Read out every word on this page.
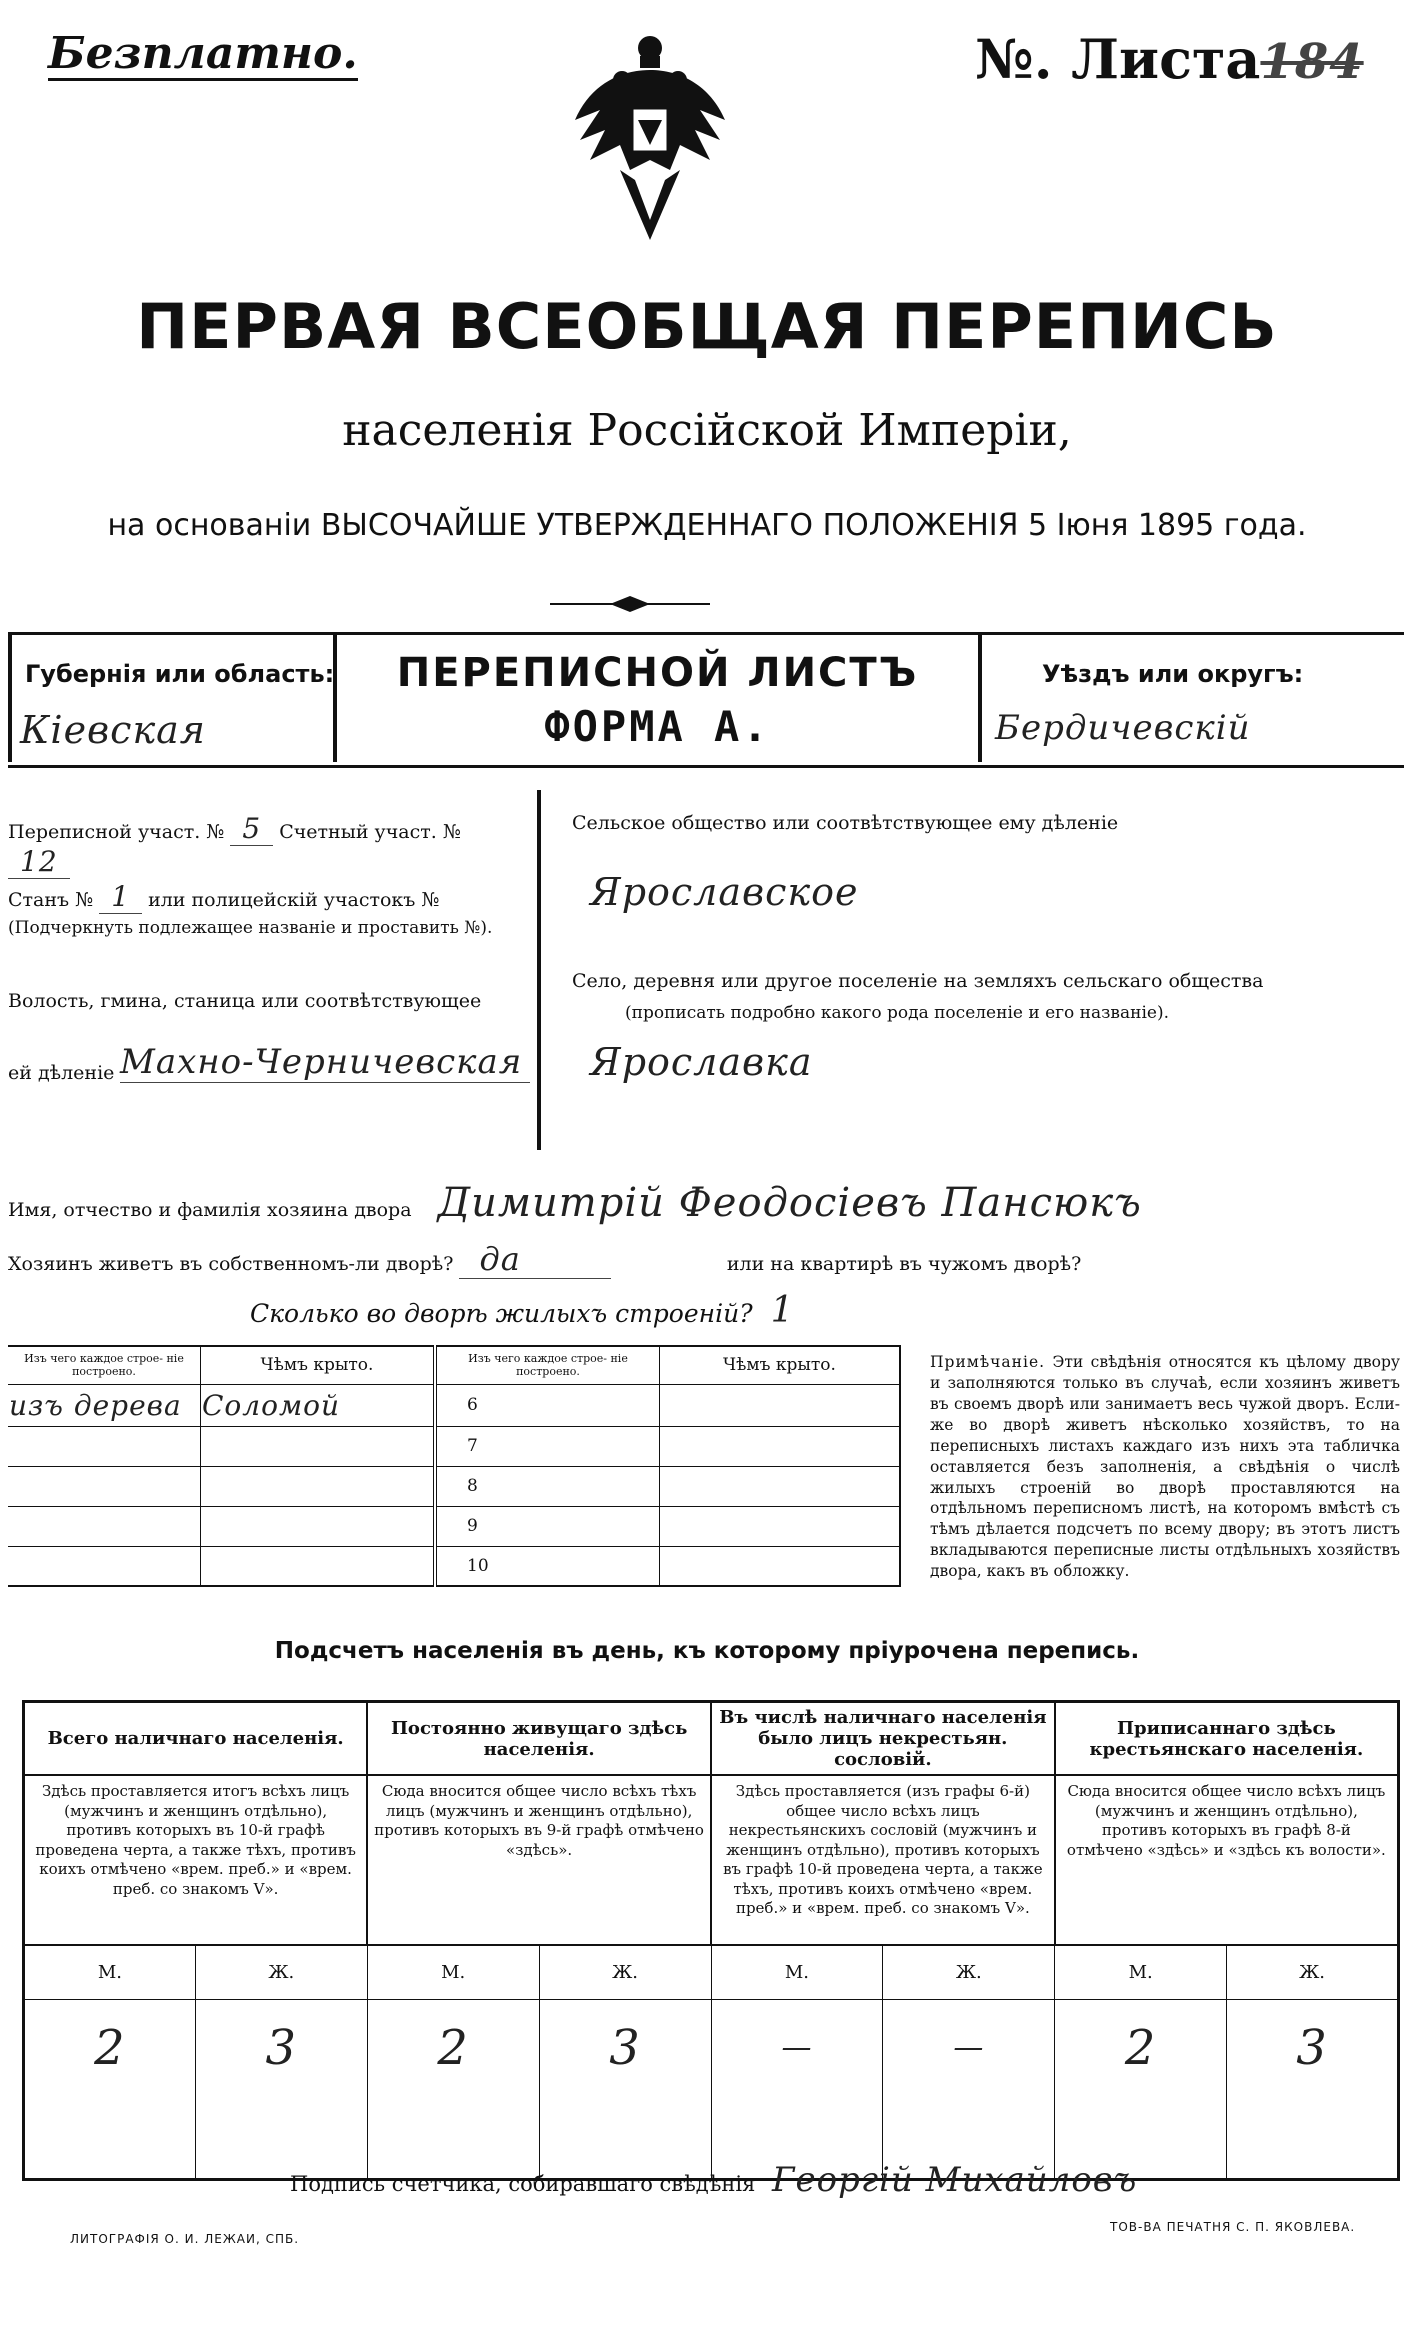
Безплатно.	№. Листа184
ПЕРВАЯ ВСЕОБЩАЯ ПЕРЕПИСЬ
населенія Россійской Имперіи,
на основаніи ВЫСОЧАЙШЕ УТВЕРЖДЕННАГО ПОЛОЖЕНІЯ 5 Іюня 1895 года.
Губернія или область:
Кіевская
ПЕРЕПИСНОЙ ЛИСТЪ
ФОРМА А.
Уѣздъ или округъ:
Бердичевскій
Переписной участ. № 5 Счетный участ. № 12
Станъ № 1 или полицейскій участокъ №
(Подчеркнуть подлежащее названіе и проставить №).
Волость, гмина, станица или соотвѣтствующее
ей дѣленіе Махно-Черничевская
Сельское общество или соотвѣтствующее ему дѣленіе
Ярославское
Село, деревня или другое поселеніе на земляхъ сельскаго общества
(прописать подробно какого рода поселеніе и его названіе).
Ярославка
Имя, отчество и фамилія хозяина двора Димитрій Феодосіевъ Пансюкъ
Хозяинъ живетъ въ собственномъ-ли дворѣ? да	или на квартирѣ въ чужомъ дворѣ?
Сколько во дворѣ жилыхъ строеній? 1
Изъ чего каждое строе- ніе построено.	Чѣмъ крыто.
изъ дерева	Соломой

Изъ чего каждое строе- ніе построено.	Чѣмъ крыто.
6	
7	
8	
9	
10	
Примѣчаніе. Эти свѣдѣнія относятся къ цѣлому двору и заполняются только въ случаѣ, если хозяинъ живетъ въ своемъ дворѣ или занимаетъ весь чужой дворъ. Если-же во дворѣ живетъ нѣсколько хозяйствъ, то на переписныхъ листахъ каждаго изъ нихъ эта табличка оставляется безъ заполненія, а свѣдѣнія о числѣ жилыхъ строеній во дворѣ проставляются на отдѣльномъ переписномъ листѣ, на которомъ вмѣстѣ съ тѣмъ дѣлается подсчетъ по всему двору; въ этотъ листъ вкладываются переписные листы отдѣльныхъ хозяйствъ двора, какъ въ обложку.
Подсчетъ населенія въ день, къ которому пріурочена перепись.
Всего наличнаго населенія.		Постоянно живущаго здѣсь населенія.		Въ числѣ наличнаго населенія было лицъ некрестьян. сословій.		Приписаннаго здѣсь крестьянскаго населенія.	
Здѣсь проставляется итогъ всѣхъ лицъ (мужчинъ и женщинъ отдѣльно), противъ которыхъ въ 10-й графѣ проведена черта, а также тѣхъ, противъ коихъ отмѣчено «врем. преб.» и «врем. преб. со знакомъ V».		Сюда вносится общее число всѣхъ тѣхъ лицъ (мужчинъ и женщинъ отдѣльно), противъ которыхъ въ 9-й графѣ отмѣчено «здѣсь».		Здѣсь проставляется (изъ графы 6-й) общее число всѣхъ лицъ некрестьянскихъ сословій (мужчинъ и женщинъ отдѣльно), противъ которыхъ въ графѣ 10-й проведена черта, а также тѣхъ, противъ коихъ отмѣчено «врем. преб.» и «врем. преб. со знакомъ V».		Сюда вносится общее число всѣхъ лицъ (мужчинъ и женщинъ отдѣльно), противъ которыхъ въ графѣ 8-й отмѣчено «здѣсь» и «здѣсь къ волости».	
М.	Ж.	М.	Ж.	М.	Ж.	М.	Ж.
2	3	2	3	—	—	2	3
Подпись счетчика, собиравшаго свѣдѣнія Георгій Михайловъ
ЛИТОГРАФІЯ О. И. ЛЕЖАИ, СПБ.
ТОВ-ВА ПЕЧАТНЯ С. П. ЯКОВЛЕВА.
